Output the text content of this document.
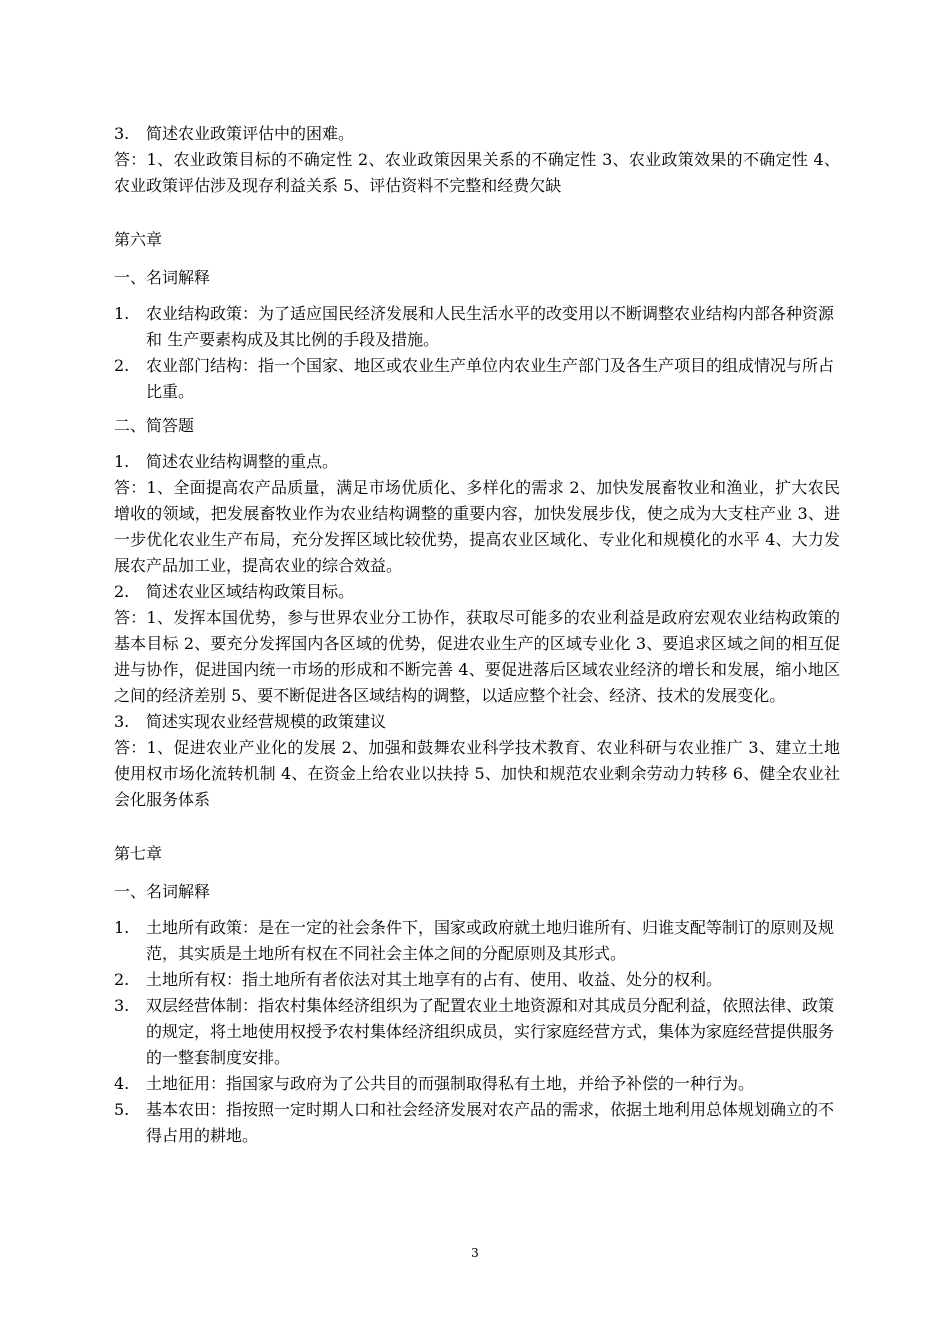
3. 简述农业政策评估中的困难。

答：1、农业政策目标的不确定性 2、农业政策因果关系的不确定性 3、农业政策效果的不确定性 4、农业政策评估涉及现存利益关系 5、评估资料不完整和经费欠缺

第六章

一、名词解释

1. 农业结构政策：为了适应国民经济发展和人民生活水平的改变用以不断调整农业结构内部各种资源和 生产要素构成及其比例的手段及措施。
2. 农业部门结构：指一个国家、地区或农业生产单位内农业生产部门及各生产项目的组成情况与所占比重。

二、简答题

1. 简述农业结构调整的重点。

答：1、全面提高农产品质量，满足市场优质化、多样化的需求 2、加快发展畜牧业和渔业，扩大农民增收的领域，把发展畜牧业作为农业结构调整的重要内容，加快发展步伐，使之成为大支柱产业 3、进一步优化农业生产布局，充分发挥区域比较优势，提高农业区域化、专业化和规模化的水平 4、大力发展农产品加工业，提高农业的综合效益。

2. 简述农业区域结构政策目标。

答：1、发挥本国优势，参与世界农业分工协作，获取尽可能多的农业利益是政府宏观农业结构政策的基本目标 2、要充分发挥国内各区域的优势，促进农业生产的区域专业化 3、要追求区域之间的相互促进与协作，促进国内统一市场的形成和不断完善 4、要促进落后区域农业经济的增长和发展，缩小地区之间的经济差别 5、要不断促进各区域结构的调整，以适应整个社会、经济、技术的发展变化。

3. 简述实现农业经营规模的政策建议

答：1、促进农业产业化的发展 2、加强和鼓舞农业科学技术教育、农业科研与农业推广 3、建立土地使用权市场化流转机制 4、在资金上给农业以扶持 5、加快和规范农业剩余劳动力转移 6、健全农业社会化服务体系

第七章

一、名词解释

1. 土地所有政策：是在一定的社会条件下，国家或政府就土地归谁所有、归谁支配等制订的原则及规范，其实质是土地所有权在不同社会主体之间的分配原则及其形式。
2. 土地所有权：指土地所有者依法对其土地享有的占有、使用、收益、处分的权利。
3. 双层经营体制：指农村集体经济组织为了配置农业土地资源和对其成员分配利益，依照法律、政策的规定，将土地使用权授予农村集体经济组织成员，实行家庭经营方式，集体为家庭经营提供服务的一整套制度安排。
4. 土地征用：指国家与政府为了公共目的而强制取得私有土地，并给予补偿的一种行为。
5. 基本农田：指按照一定时期人口和社会经济发展对农产品的需求，依据土地利用总体规划确立的不得占用的耕地。
3
